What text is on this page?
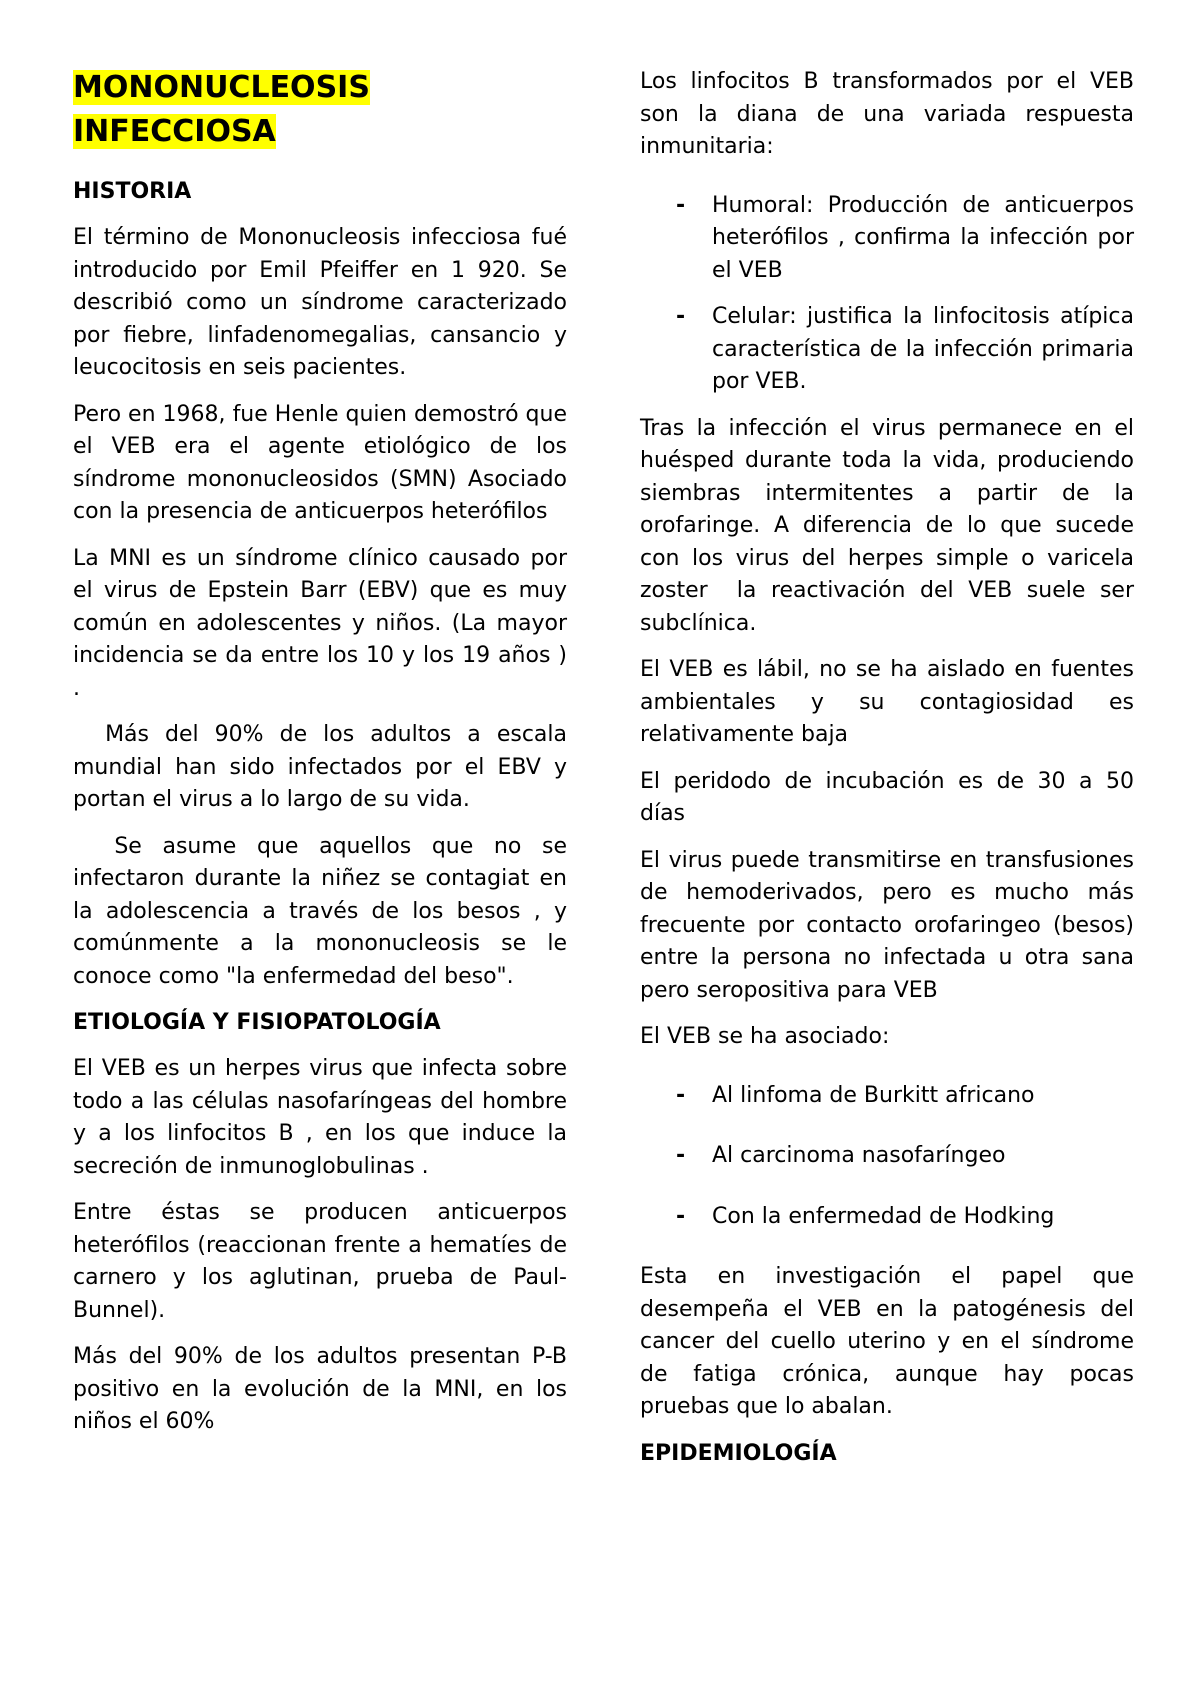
MONONUCLEOSIS
INFECCIOSA
HISTORIA

El término de Mononucleosis infecciosa fué introducido por Emil Pfeiffer en 1 920. Se describió como un síndrome caracterizado por fiebre, linfadenomegalias, cansancio y leucocitosis en seis pacientes.

Pero en 1968, fue Henle quien demostró que el VEB era el agente etiológico de los síndrome mononucleosidos (SMN) Asociado con la presencia de anticuerpos heterófilos

La MNI es un síndrome clínico causado por el virus de Epstein Barr (EBV) que es muy común en adolescentes y niños. (La mayor incidencia se da entre los 10 y los 19 años ) .

Más del 90% de los adultos a escala mundial han sido infectados por el EBV y portan el virus a lo largo de su vida.

Se asume que aquellos que no se infectaron durante la niñez se contagiat en la adolescencia a través de los besos , y comúnmente a la mononucleosis se le conoce como "la enfermedad del beso".

ETIOLOGÍA Y FISIOPATOLOGÍA

El VEB es un herpes virus que infecta sobre todo a las células nasofaríngeas del hombre y a los linfocitos B , en los que induce la secreción de inmunoglobulinas .

Entre éstas se producen anticuerpos heterófilos (reaccionan frente a hematíes de carnero y los aglutinan, prueba de Paul-Bunnel).

Más del 90% de los adultos presentan P-B positivo en la evolución de la MNI, en los niños el 60%

Los linfocitos B transformados por el VEB son la diana de una variada respuesta inmunitaria:

- Humoral: Producción de anticuerpos heterófilos , confirma la infección por el VEB
- Celular: justifica la linfocitosis atípica característica de la infección primaria por VEB.

Tras la infección el virus permanece en el huésped durante toda la vida, produciendo siembras intermitentes a partir de la orofaringe. A diferencia de lo que sucede con los virus del herpes simple o varicela zoster  la reactivación del VEB suele ser subclínica.

El VEB es lábil, no se ha aislado en fuentes ambientales y su contagiosidad es relativamente baja

El peridodo de incubación es de 30 a 50 días

El virus puede transmitirse en transfusiones de hemoderivados, pero es mucho más frecuente por contacto orofaringeo (besos) entre la persona no infectada u otra sana pero seropositiva para VEB

El VEB se ha asociado:

- Al linfoma de Burkitt africano
- Al carcinoma nasofaríngeo
- Con la enfermedad de Hodking

Esta en investigación el papel que desempeña el VEB en la patogénesis del cancer del cuello uterino y en el síndrome de fatiga crónica, aunque hay pocas pruebas que lo abalan.

EPIDEMIOLOGÍA
